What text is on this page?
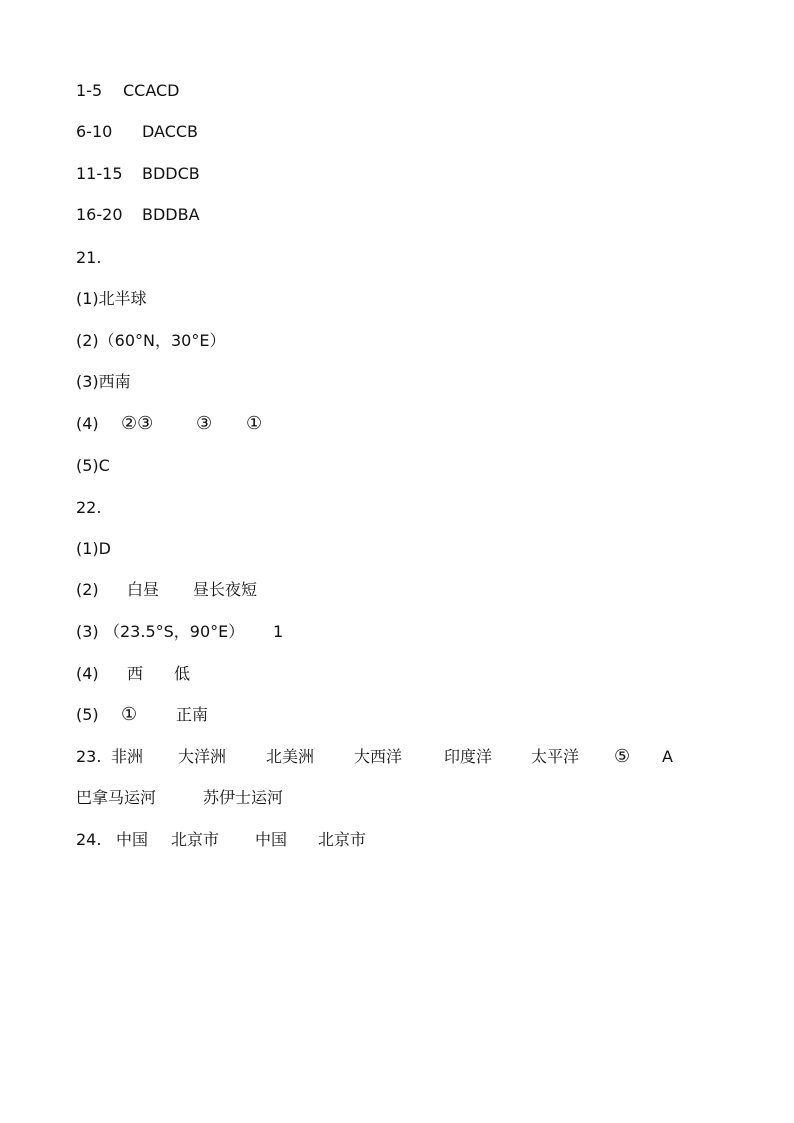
1-5 CCACD
6-10 DACCB
11-15 BDDCB
16-20 BDDBA
21.
(1)北半球
(2)（60°N，30°E）
(3)西南
(4) ②③ ③ ①
(5)C
22.
(1)D
(2) 白昼 昼长夜短
(3) （23.5°S，90°E） 1
(4) 西 低
(5) ① 正南
23. 非洲 大洋洲 北美洲 大西洋	印度洋 太平洋 ⑤ A
巴拿马运河	苏伊士运河
24. 中国 北京市 中国 北京市
